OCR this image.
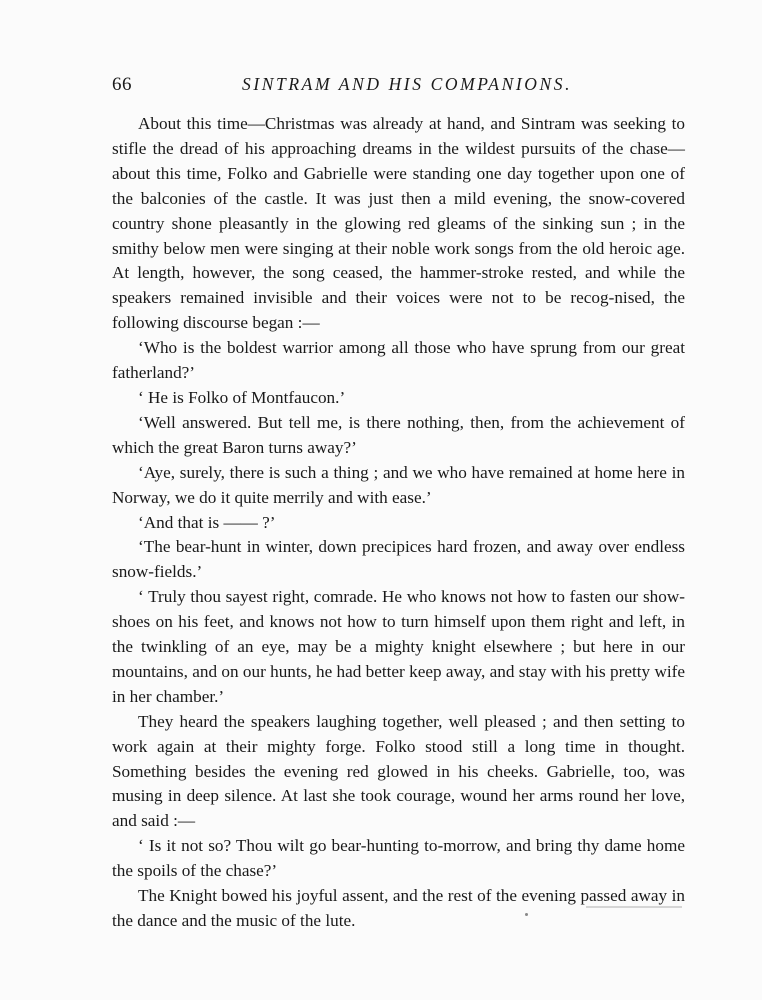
66	SINTRAM AND HIS COMPANIONS.

About this time—Christmas was already at hand, and Sintram was seeking to stifle the dread of his approaching dreams in the wildest pursuits of the chase—about this time, Folko and Gabrielle were standing one day together upon one of the balconies of the castle. It was just then a mild evening, the snow-covered country shone pleasantly in the glowing red gleams of the sinking sun ; in the smithy below men were singing at their noble work songs from the old heroic age. At length, however, the song ceased, the hammer-stroke rested, and while the speakers remained invisible and their voices were not to be recog-nised, the following discourse began :—

‘Who is the boldest warrior among all those who have sprung from our great fatherland?’

‘ He is Folko of Montfaucon.’

‘Well answered. But tell me, is there nothing, then, from the achievement of which the great Baron turns away?’

‘Aye, surely, there is such a thing ; and we who have remained at home here in Norway, we do it quite merrily and with ease.’

‘And that is —— ?’

‘The bear-hunt in winter, down precipices hard frozen, and away over endless snow-fields.’

‘ Truly thou sayest right, comrade. He who knows not how to fasten our show-shoes on his feet, and knows not how to turn himself upon them right and left, in the twinkling of an eye, may be a mighty knight elsewhere ; but here in our mountains, and on our hunts, he had better keep away, and stay with his pretty wife in her chamber.’

They heard the speakers laughing together, well pleased ; and then setting to work again at their mighty forge. Folko stood still a long time in thought. Something besides the evening red glowed in his cheeks. Gabrielle, too, was musing in deep silence. At last she took courage, wound her arms round her love, and said :—

‘ Is it not so? Thou wilt go bear-hunting to-morrow, and bring thy dame home the spoils of the chase?’

The Knight bowed his joyful assent, and the rest of the evening passed away in the dance and the music of the lute.
